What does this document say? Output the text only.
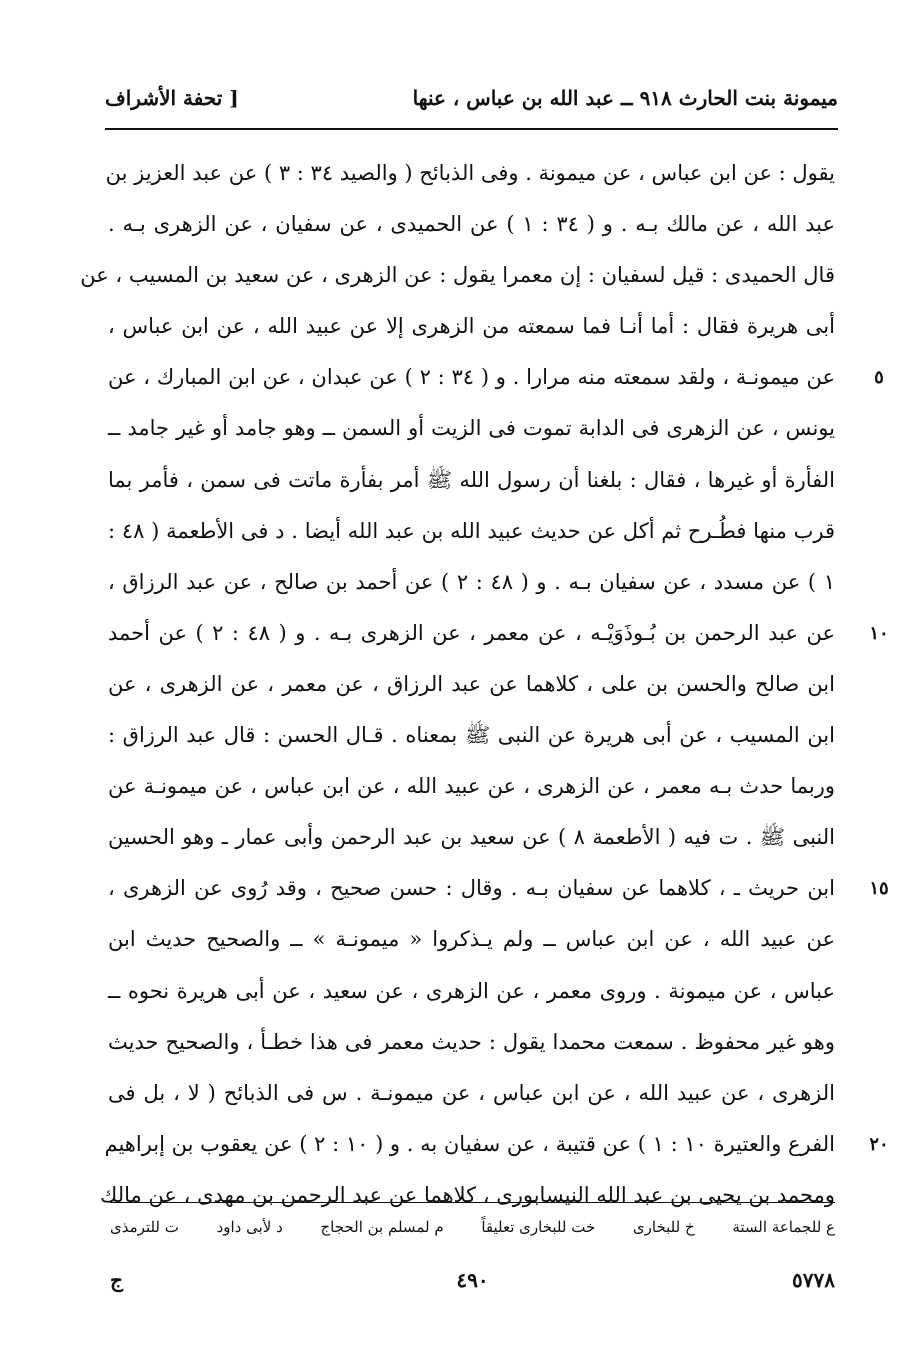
ميمونة بنت الحارث ٩١٨ ــ عبد الله بن عباس ، عنها
[ تحفة الأشراف
يقول : عن ابن عباس ، عن ميمونة . وفى الذبائح ( والصيد ٣٤ : ٣ ) عن عبد العزيز بن
عبد الله ، عن مالك بـه . و ( ٣٤ : ١ ) عن الحميدى ، عن سفيان ، عن الزهرى بـه .
قال الحميدى : قيل لسفيان : إن معمرا يقول : عن الزهرى ، عن سعيد بن المسيب ، عن
أبى هريرة فقال : أما أنـا فما سمعته من الزهرى إلا عن عبيد الله ، عن ابن عباس ،
عن ميمونـة ، ولقد سمعته منه مرارا . و ( ٣٤ : ٢ ) عن عبدان ، عن ابن المبارك ، عن	٥
يونس ، عن الزهرى فى الدابة تموت فى الزيت أو السمن ــ وهو جامد أو غير جامد ــ
الفأرة أو غيرها ، فقال : بلغنا أن رسول الله ﷺ أمر بفأرة ماتت فى سمن ، فأمر بما
قرب منها فطُـرح ثم أكل عن حديث عبيد الله بن عبد الله أيضا . د فى الأطعمة ( ٤٨ :
١ ) عن مسدد ، عن سفيان بـه . و ( ٤٨ : ٢ ) عن أحمد بن صالح ، عن عبد الرزاق ،
عن عبد الرحمن بن بُـوذَوَيْـه ، عن معمر ، عن الزهرى بـه . و ( ٤٨ : ٢ ) عن أحمد	١٠
ابن صالح والحسن بن على ، كلاهما عن عبد الرزاق ، عن معمر ، عن الزهرى ، عن
ابن المسيب ، عن أبى هريرة عن النبى ﷺ بمعناه . قـال الحسن : قال عبد الرزاق :
وربما حدث بـه معمر ، عن الزهرى ، عن عبيد الله ، عن ابن عباس ، عن ميمونـة عن
النبى ﷺ . ت فيه ( الأطعمة ٨ ) عن سعيد بن عبد الرحمن وأبى عمار ـ وهو الحسين
ابن حريث ـ ، كلاهما عن سفيان بـه . وقال : حسن صحيح ، وقد رُوى عن الزهرى ،	١٥
عن عبيد الله ، عن ابن عباس ــ ولم يـذكروا « ميمونـة » ــ والصحيح حديث ابن
عباس ، عن ميمونة . وروى معمر ، عن الزهرى ، عن سعيد ، عن أبى هريرة نحوه ــ
وهو غير محفوظ . سمعت محمدا يقول : حديث معمر فى هذا خطـأ ، والصحيح حديث
الزهرى ، عن عبيد الله ، عن ابن عباس ، عن ميمونـة . س فى الذبائح ( لا ، بل فى
الفرع والعتيرة ١٠ : ١ ) عن قتيبة ، عن سفيان به . و ( ١٠ : ٢ ) عن يعقوب بن إبراهيم	٢٠
ومحمد بن يحيى بن عبد الله النيسابورى ، كلاهما عن عبد الرحمن بن مهدى ، عن مالك
ع للجماعة الستة
خ للبخارى
خت للبخارى تعليقاً
م لمسلم بن الحجاج
د لأبى داود
ت للترمذى
٥٧٧٨
٤٩٠
ج
